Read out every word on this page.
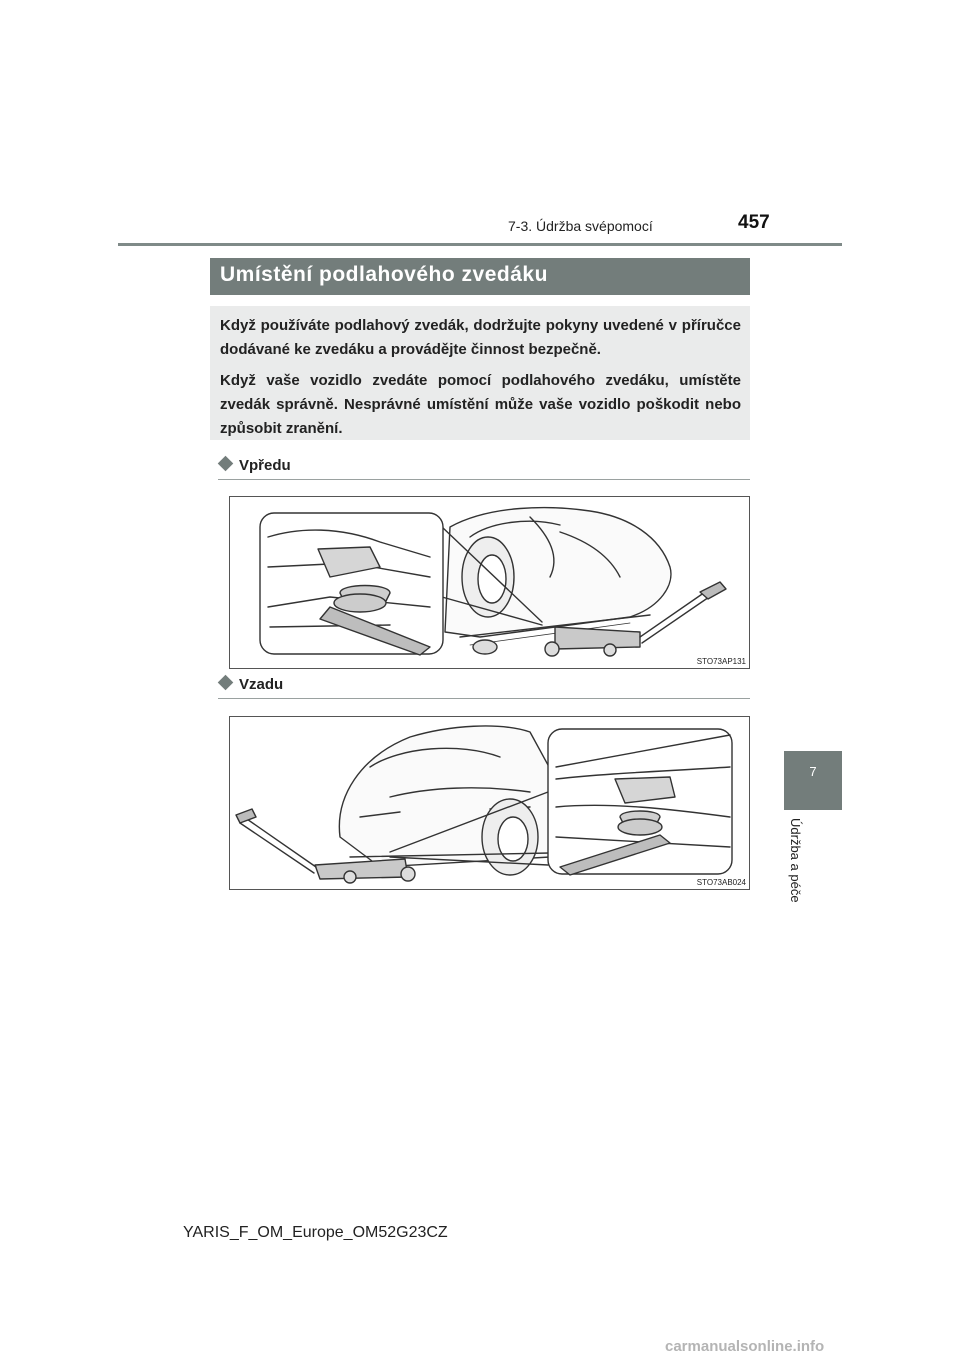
7-3. Údržba svépomocí	457
Umístění podlahového zvedáku

Když používáte podlahový zvedák, dodržujte pokyny uvedené v příručce dodávané ke zvedáku a provádějte činnost bezpečně.

Když vaše vozidlo zvedáte pomocí podlahového zvedáku, umístěte zvedák správně. Nesprávné umístění může vaše vozidlo poškodit nebo způsobit zranění.

Vpředu
STO73AP131
Vzadu
STO73AB024
7
Údržba a péče
YARIS_F_OM_Europe_OM52G23CZ
carmanualsonline.info
